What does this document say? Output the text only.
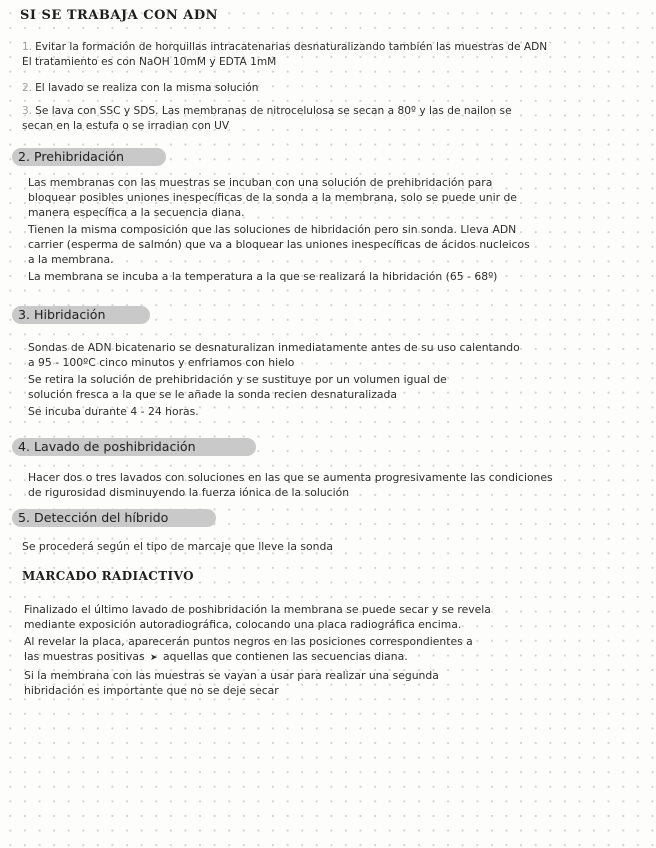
SI SE TRABAJA CON ADN
1. Evitar la formación de horquillas intracatenarias desnaturalizando también las muestras de ADN
El tratamiento es con NaOH 10mM y EDTA 1mM
2. El lavado se realiza con la misma solución
3. Se lava con SSC y SDS. Las membranas de nitrocelulosa se secan a 80º y las de nailon se
secan en la estufa o se irradian con UV
2. Prehibridación

Las membranas con las muestras se incuban con una solución de prehibridación para
bloquear posibles uniones inespecíficas de la sonda a la membrana, solo se puede unir de
manera específica a la secuencia diana.

Tienen la misma composición que las soluciones de hibridación pero sin sonda. Lleva ADN
carrier (esperma de salmón) que va a bloquear las uniones inespecíficas de ácidos nucleicos
a la membrana.

La membrana se incuba a la temperatura a la que se realizará la hibridación (65 - 68º)

3. Hibridación

Sondas de ADN bicatenario se desnaturalizan inmediatamente antes de su uso calentando
a 95 - 100ºC cinco minutos y enfriamos con hielo

Se retira la solución de prehibridación y se sustituye por un volumen igual de
solución fresca a la que se le añade la sonda recien desnaturalizada

Se incuba durante 4 - 24 horas.

4. Lavado de poshibridación

Hacer dos o tres lavados con soluciones en las que se aumenta progresivamente las condiciones
de rigurosidad disminuyendo la fuerza iónica de la solución

5. Detección del híbrido

Se procederá según el tipo de marcaje que lleve la sonda

MARCADO RADIACTIVO

Finalizado el último lavado de poshibridación la membrana se puede secar y se revela
mediante exposición autoradiográfica, colocando una placa radiográfica encima.

Al revelar la placa, aparecerán puntos negros en las posiciones correspondientes a
las muestras positivas ➤ aquellas que contienen las secuencias diana.

Si la membrana con las muestras se vayan a usar para realizar una segunda
hibridación es importante que no se deje secar
